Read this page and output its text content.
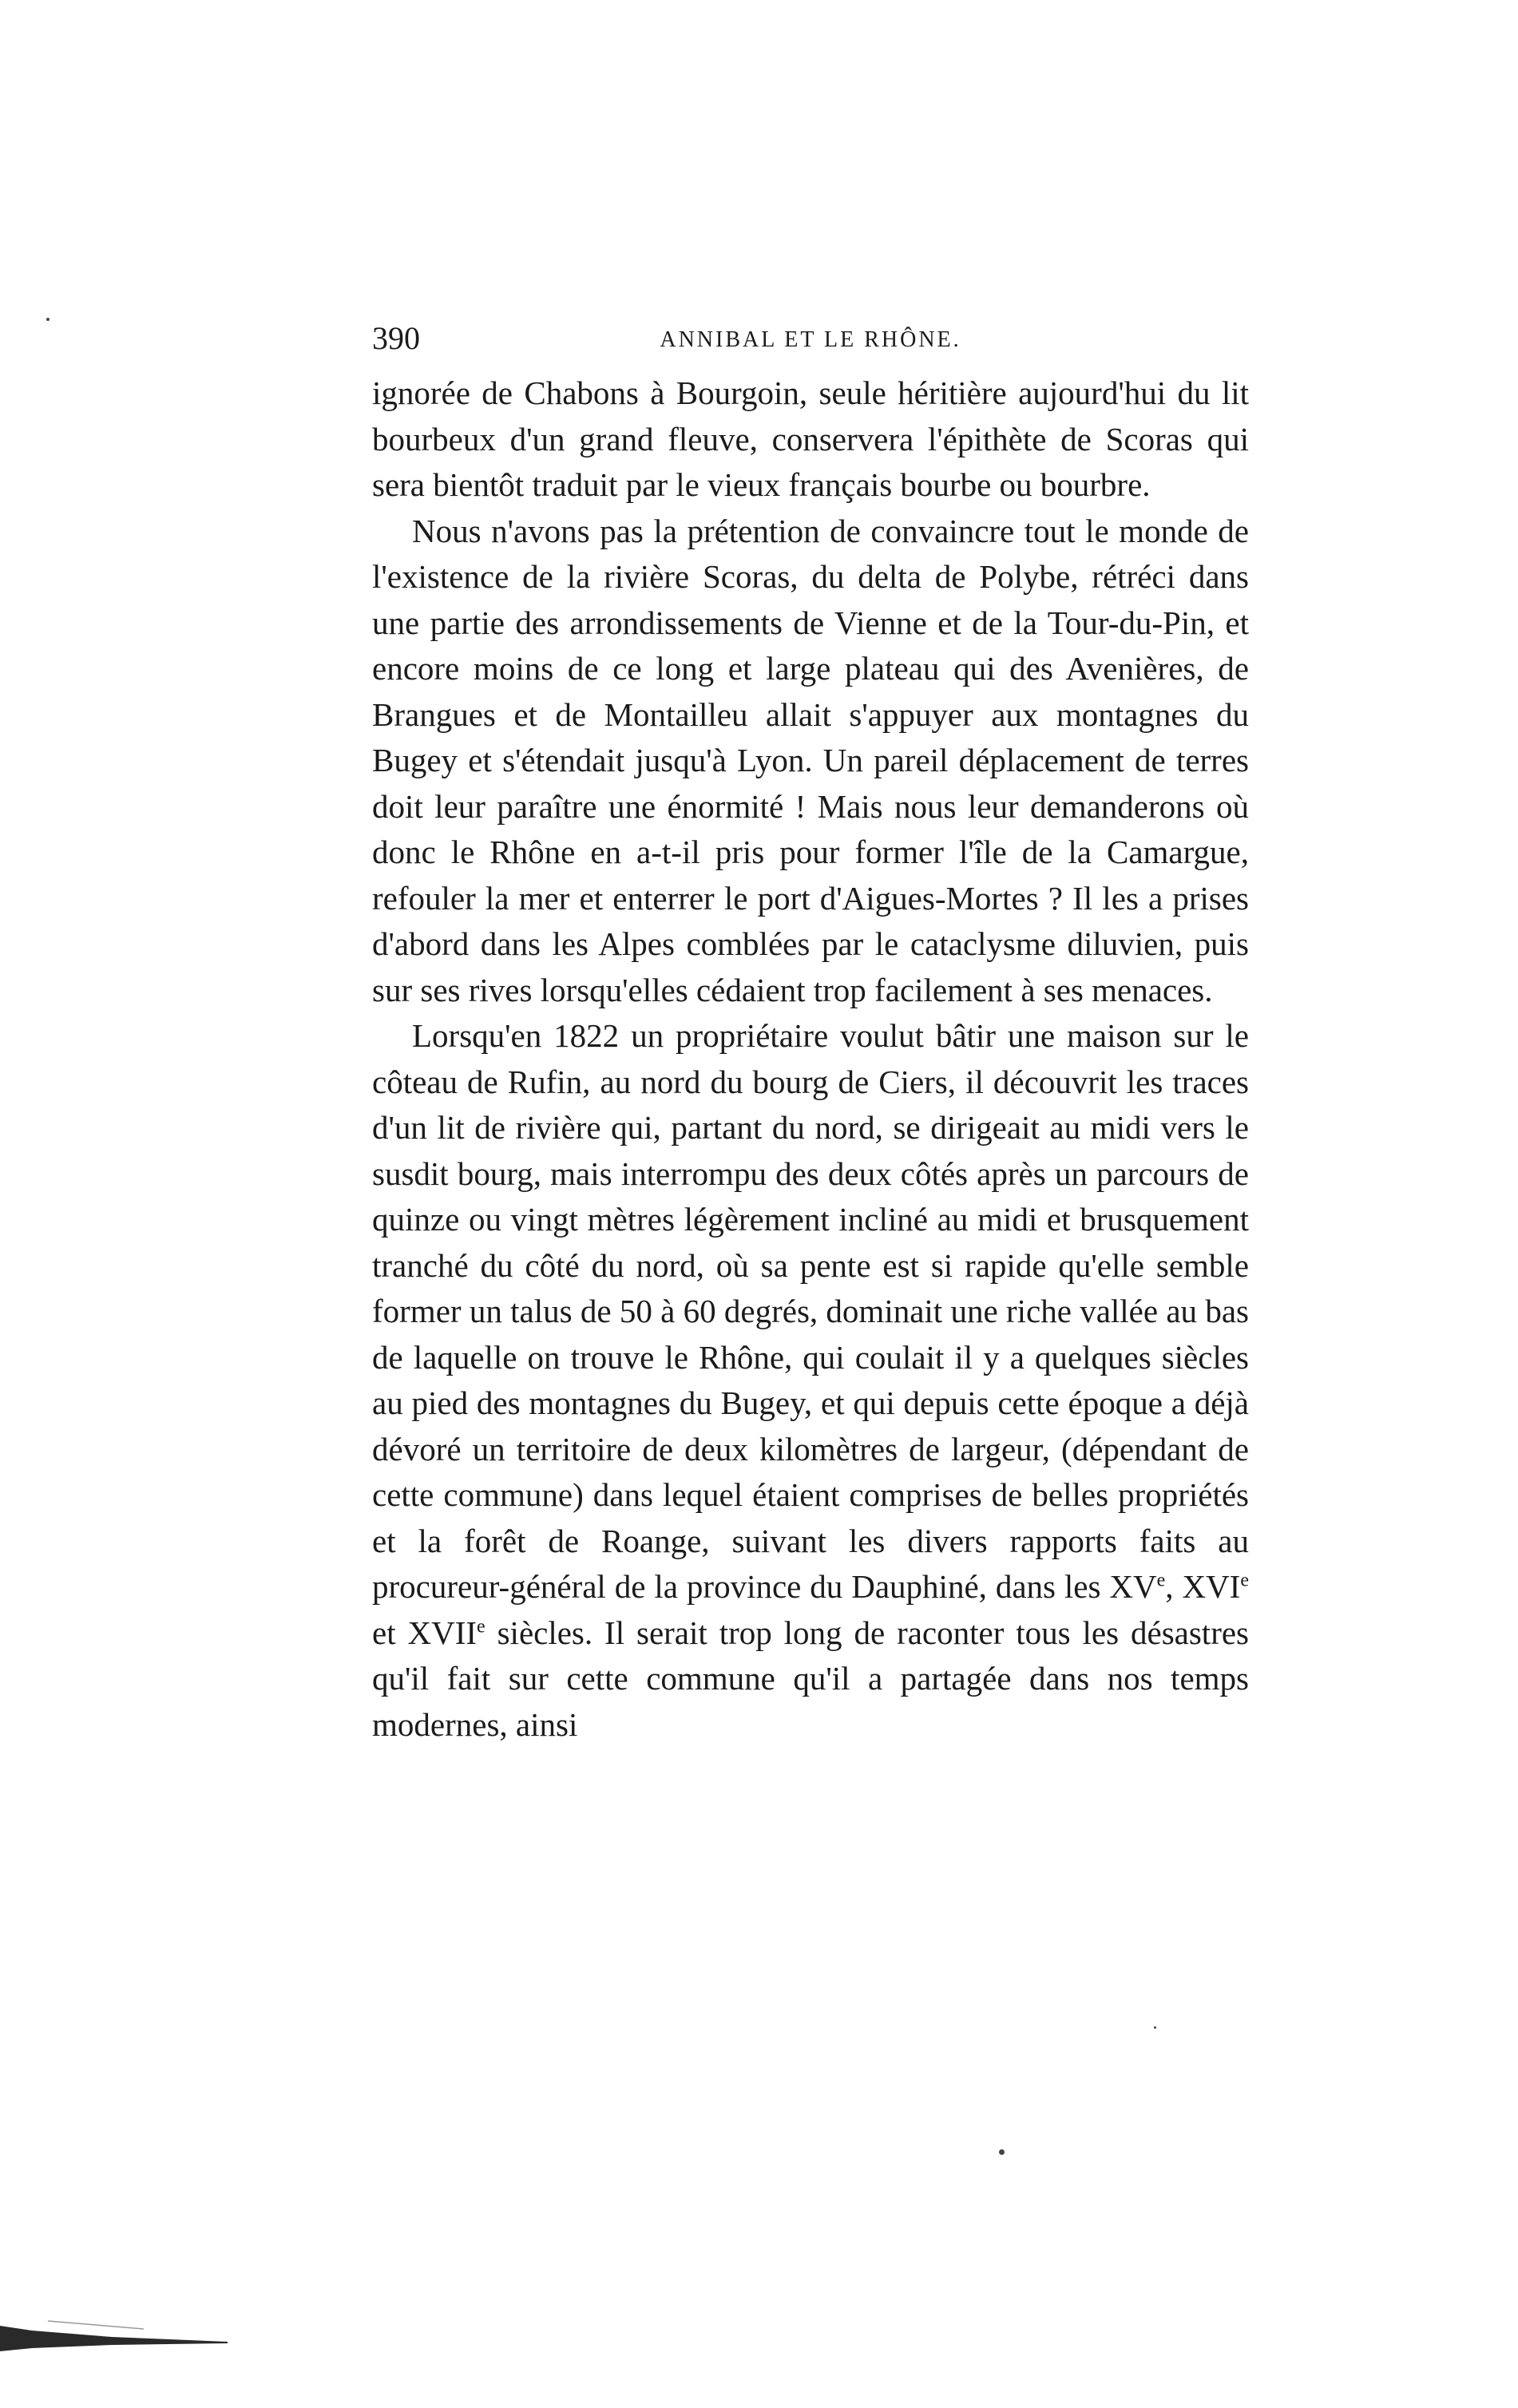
390	ANNIBAL ET LE RHÔNE.

ignorée de Chabons à Bourgoin, seule héritière aujourd'hui du lit bourbeux d'un grand fleuve, conservera l'épithète de Scoras qui sera bientôt traduit par le vieux français bourbe ou bourbre.

Nous n'avons pas la prétention de convaincre tout le monde de l'existence de la rivière Scoras, du delta de Polybe, rétréci dans une partie des arrondissements de Vienne et de la Tour-du-Pin, et encore moins de ce long et large plateau qui des Avenières, de Brangues et de Montailleu allait s'appuyer aux montagnes du Bugey et s'étendait jusqu'à Lyon. Un pareil déplacement de terres doit leur paraître une énormité ! Mais nous leur demanderons où donc le Rhône en a-t-il pris pour former l'île de la Camargue, refouler la mer et enterrer le port d'Aigues-Mortes ? Il les a prises d'abord dans les Alpes comblées par le cataclysme diluvien, puis sur ses rives lorsqu'elles cédaient trop facilement à ses menaces.

Lorsqu'en 1822 un propriétaire voulut bâtir une maison sur le côteau de Rufin, au nord du bourg de Ciers, il découvrit les traces d'un lit de rivière qui, partant du nord, se dirigeait au midi vers le susdit bourg, mais interrompu des deux côtés après un parcours de quinze ou vingt mètres légèrement incliné au midi et brusquement tranché du côté du nord, où sa pente est si rapide qu'elle semble former un talus de 50 à 60 degrés, dominait une riche vallée au bas de laquelle on trouve le Rhône, qui coulait il y a quelques siècles au pied des montagnes du Bugey, et qui depuis cette époque a déjà dévoré un territoire de deux kilomètres de largeur, (dépendant de cette commune) dans lequel étaient comprises de belles propriétés et la forêt de Roange, suivant les divers rapports faits au procureur-général de la province du Dauphiné, dans les XVe, XVIe et XVIIe siècles. Il serait trop long de raconter tous les désastres qu'il fait sur cette commune qu'il a partagée dans nos temps modernes, ainsi
